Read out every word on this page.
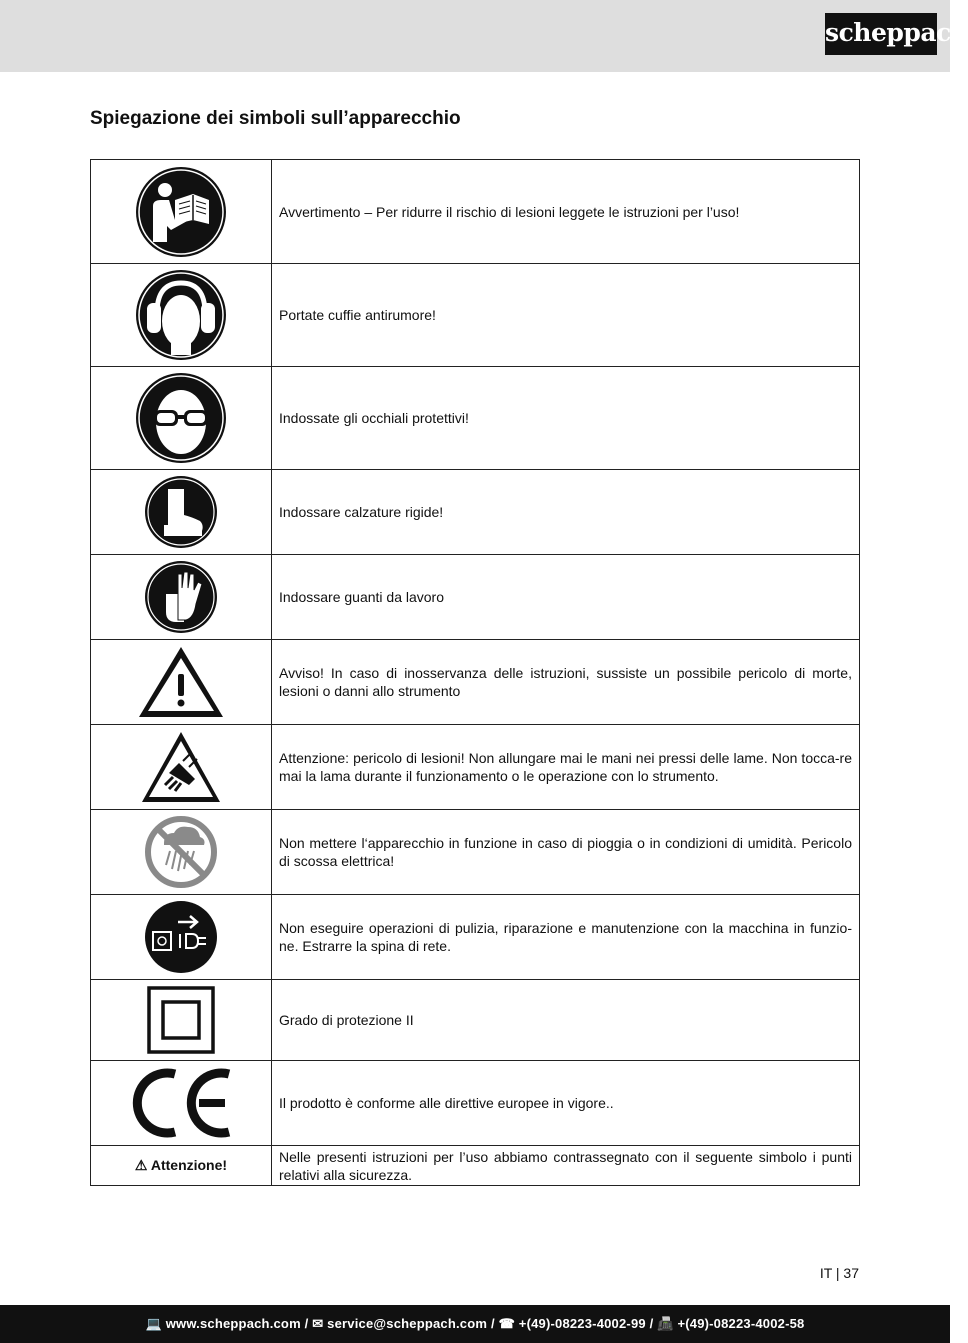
scheppach
Spiegazione dei simboli sull’apparecchio
	Avvertimento – Per ridurre il rischio di lesioni leggete le istruzioni per l’uso!

	Portate cuffie antirumore!

	Indossate gli occhiali protettivi!

	Indossare calzature rigide!

	Indossare guanti da lavoro

	Avviso! In caso di inosservanza delle istruzioni, sussiste un possibile pericolo di morte, lesioni o danni allo strumento

	Attenzione: pericolo di lesioni! Non allungare mai le mani nei pressi delle lame. Non tocca-re mai la lama durante il funzionamento o le operazione con lo strumento.

	Non mettere l‘apparecchio in funzione in caso di pioggia o in condizioni di umidità. Pericolo di scossa elettrica!

	Non eseguire operazioni di pulizia, riparazione e manutenzione con la macchina in funzio-ne. Estrarre la spina di rete.

	Grado di protezione II

	Il prodotto è conforme alle direttive europee in vigore..
⚠ Attenzione!	Nelle presenti istruzioni per l’uso abbiamo contrassegnato con il seguente simbolo i punti relativi alla sicurezza.
IT | 37
💻 www.scheppach.com / ✉ service@scheppach.com / ☎ +(49)-08223-4002-99 / 📠 +(49)-08223-4002-58
